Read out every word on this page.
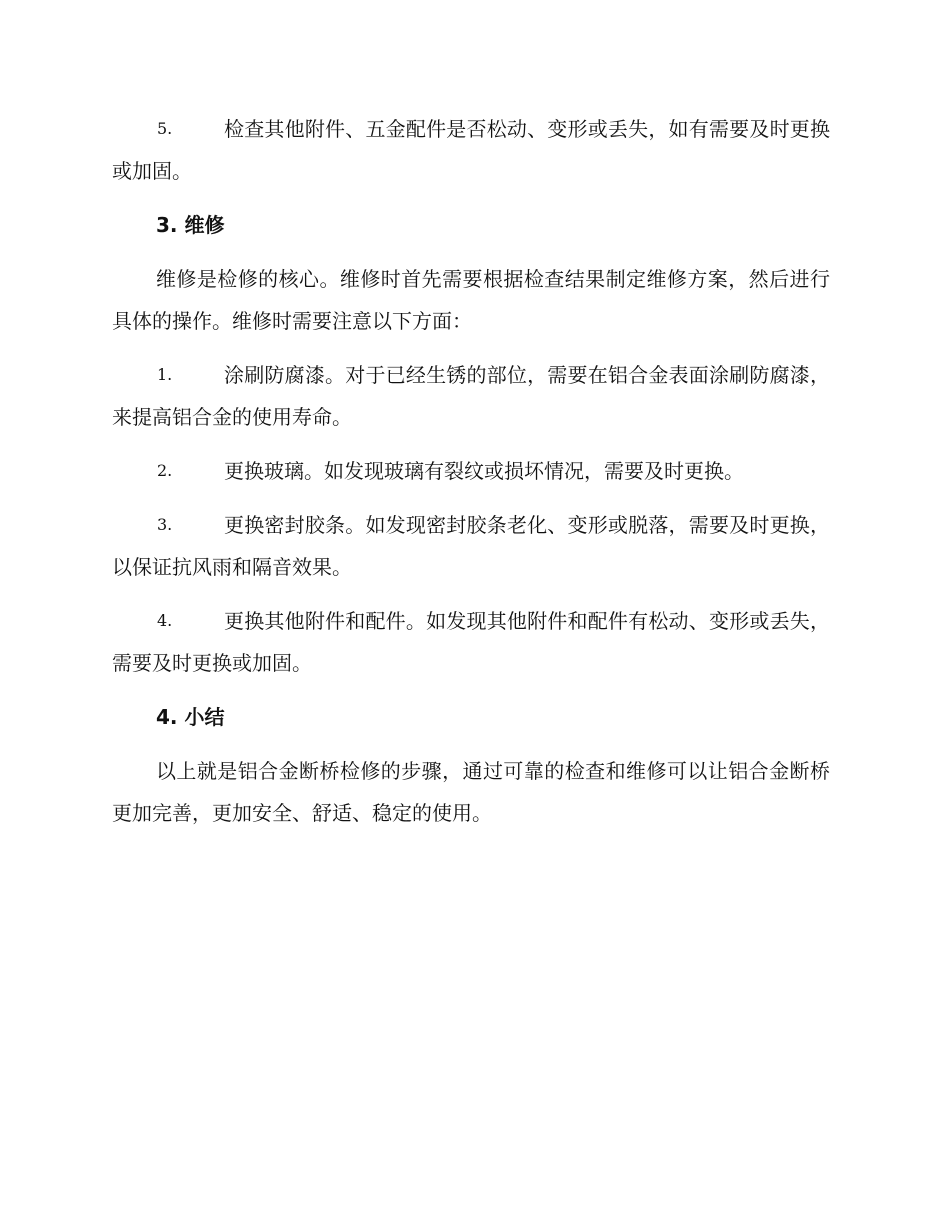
5.	检查其他附件、五金配件是否松动、变形或丢失，如有需要及时更换或加固。
3. 维修
维修是检修的核心。维修时首先需要根据检查结果制定维修方案，然后进行具体的操作。维修时需要注意以下方面：
1.	涂刷防腐漆。对于已经生锈的部位，需要在铝合金表面涂刷防腐漆，来提高铝合金的使用寿命。
2.	更换玻璃。如发现玻璃有裂纹或损坏情况，需要及时更换。
3.	更换密封胶条。如发现密封胶条老化、变形或脱落，需要及时更换，以保证抗风雨和隔音效果。
4.	更换其他附件和配件。如发现其他附件和配件有松动、变形或丢失，需要及时更换或加固。
4. 小结
以上就是铝合金断桥检修的步骤，通过可靠的检查和维修可以让铝合金断桥更加完善，更加安全、舒适、稳定的使用。
